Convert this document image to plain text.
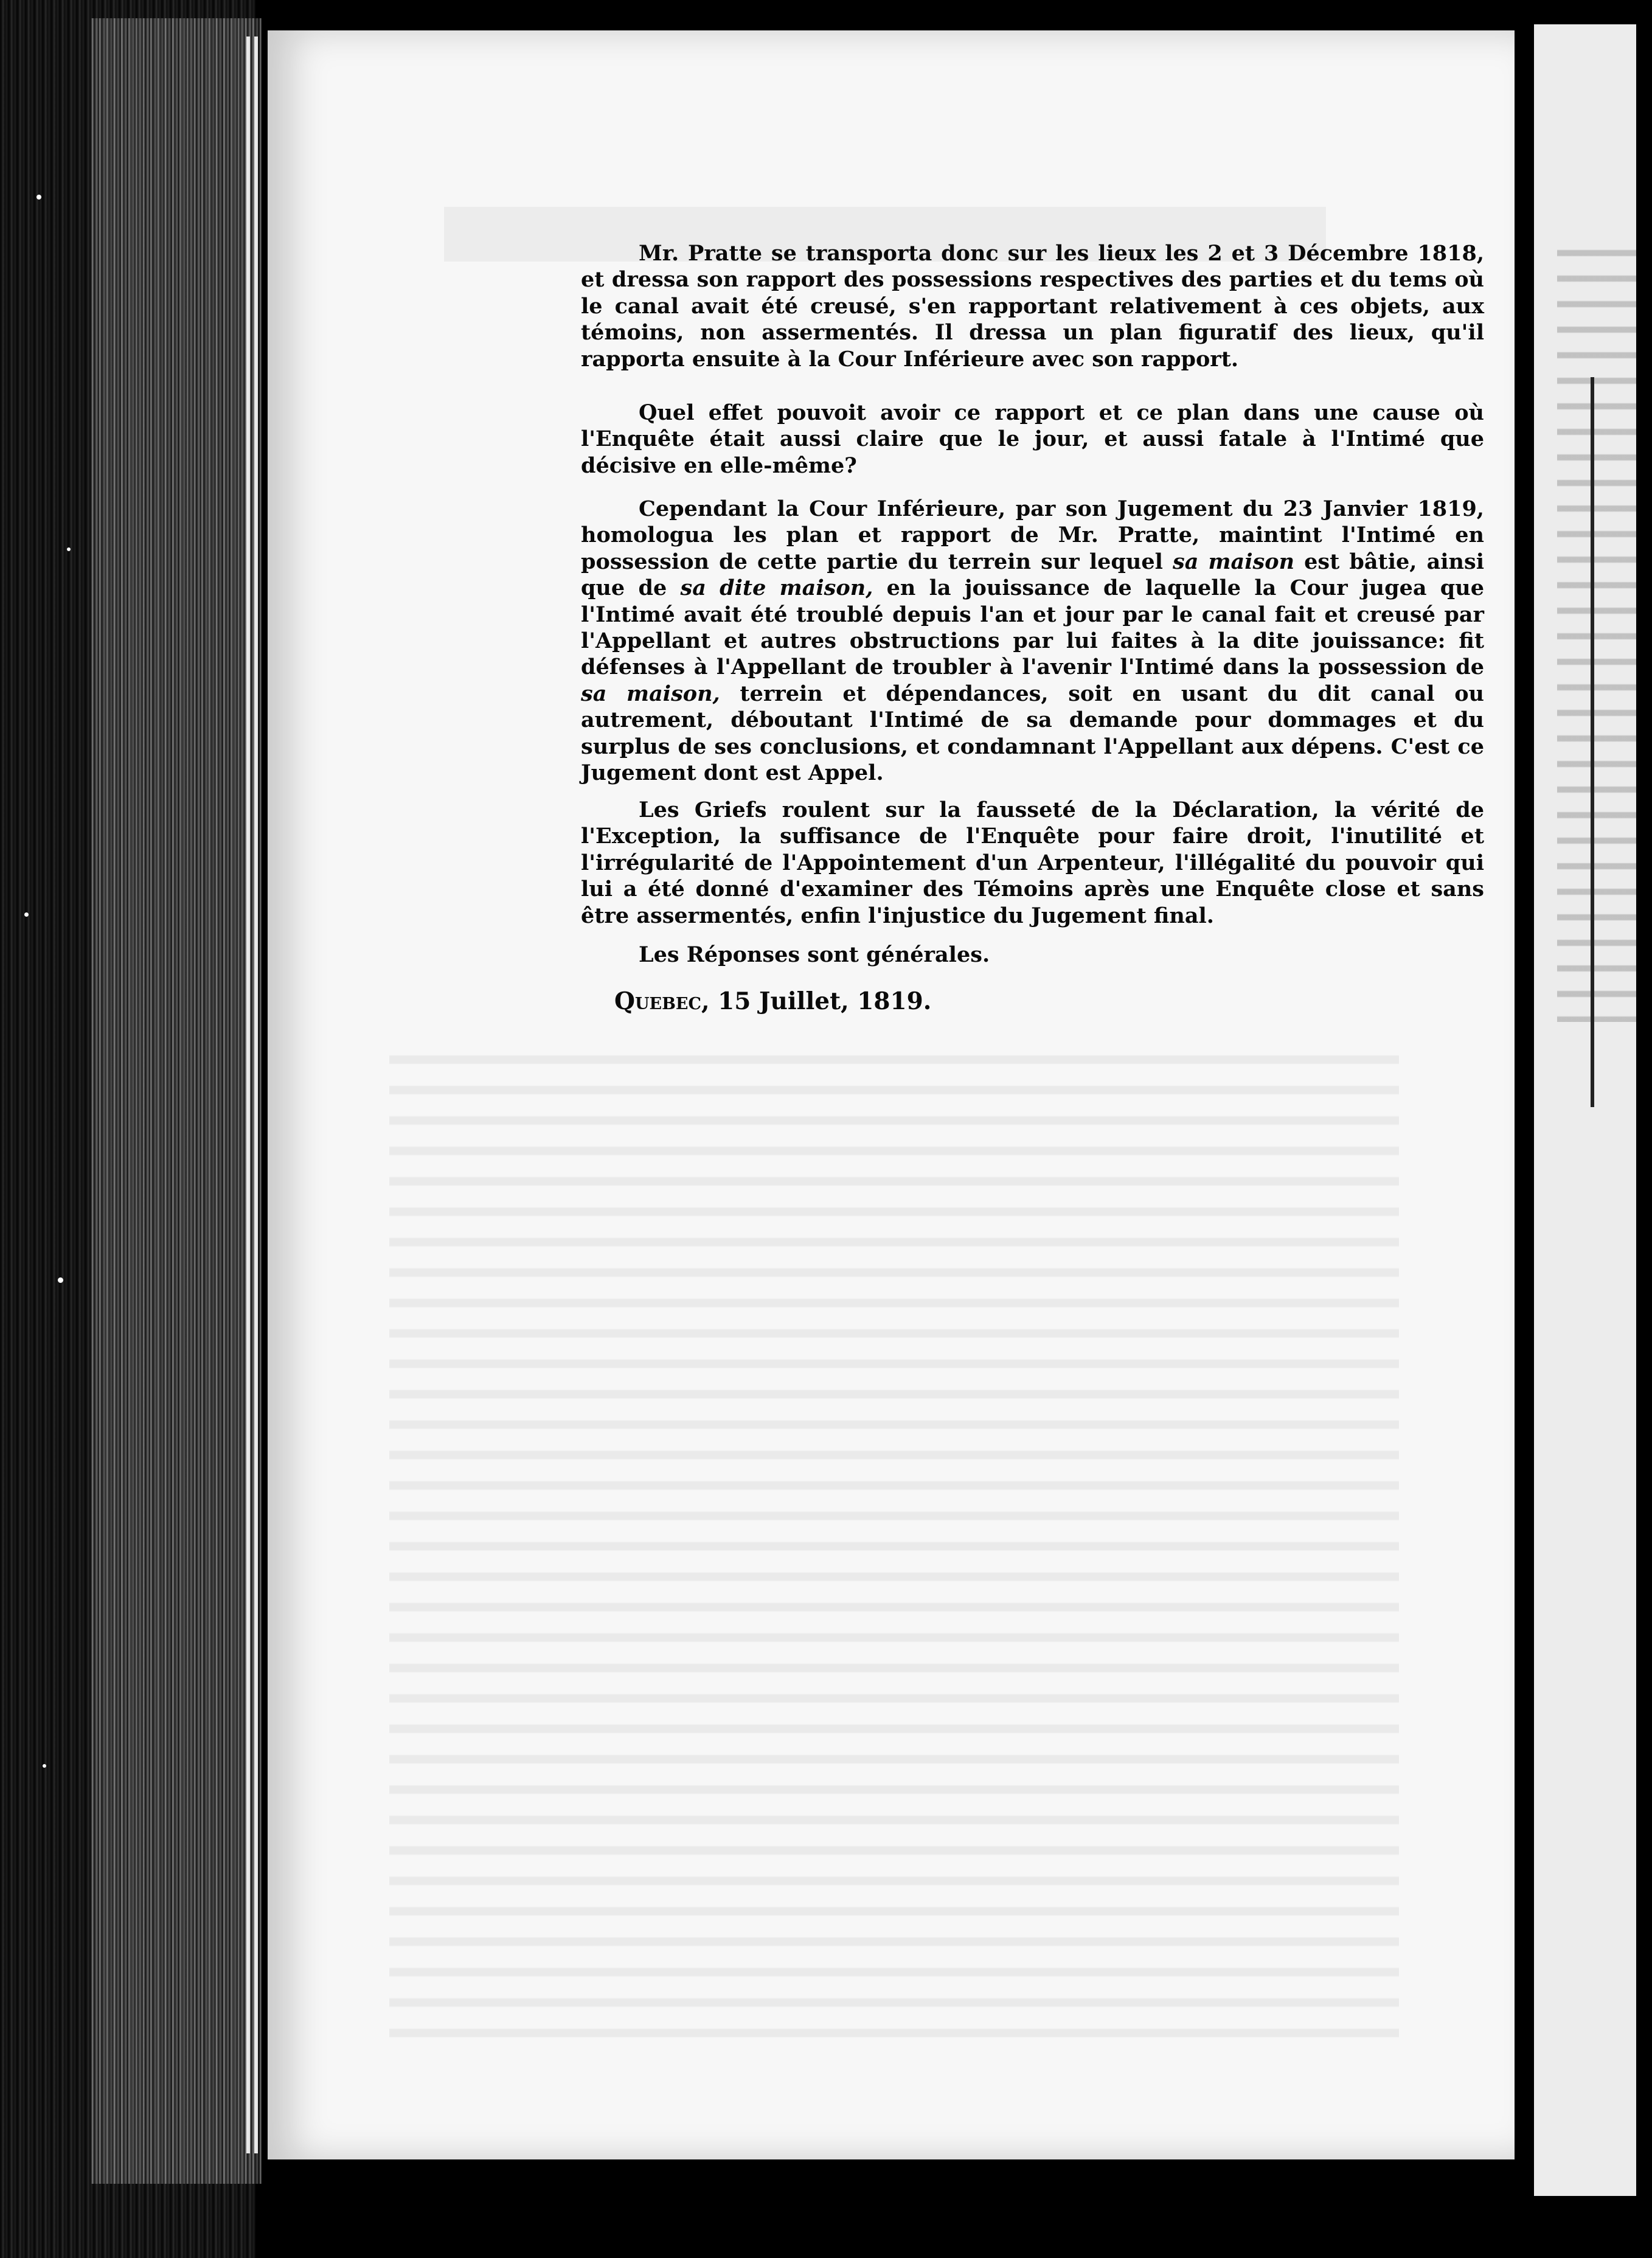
Mr. Pratte se transporta donc sur les lieux les 2 et 3 Décembre 1818, et dressa son rapport des possessions respectives des parties et du tems où le canal avait été creusé, s'en rapportant relativement à ces objets, aux témoins, non assermentés. Il dressa un plan figuratif des lieux, qu'il rapporta ensuite à la Cour Inférieure avec son rapport.

Quel effet pouvoit avoir ce rapport et ce plan dans une cause où l'Enquête était aussi claire que le jour, et aussi fatale à l'Intimé que décisive en elle-même?

Cependant la Cour Inférieure, par son Jugement du 23 Janvier 1819, homologua les plan et rapport de Mr. Pratte, maintint l'Intimé en possession de cette partie du terrein sur lequel sa maison est bâtie, ainsi que de sa dite maison, en la jouissance de laquelle la Cour jugea que l'Intimé avait été troublé depuis l'an et jour par le canal fait et creusé par l'Appellant et autres obstructions par lui faites à la dite jouissance: fit défenses à l'Appellant de troubler à l'avenir l'Intimé dans la possession de sa maison, terrein et dépendances, soit en usant du dit canal ou autrement, déboutant l'Intimé de sa demande pour dommages et du surplus de ses conclusions, et condamnant l'Appellant aux dépens. C'est ce Jugement dont est Appel.

Les Griefs roulent sur la fausseté de la Déclaration, la vérité de l'Exception, la suffisance de l'Enquête pour faire droit, l'inutilité et l'irrégularité de l'Appointement d'un Arpenteur, l'illégalité du pouvoir qui lui a été donné d'examiner des Témoins après une Enquête close et sans être assermentés, enfin l'injustice du Jugement final.

Les Réponses sont générales.

Quebec, 15 Juillet, 1819.
